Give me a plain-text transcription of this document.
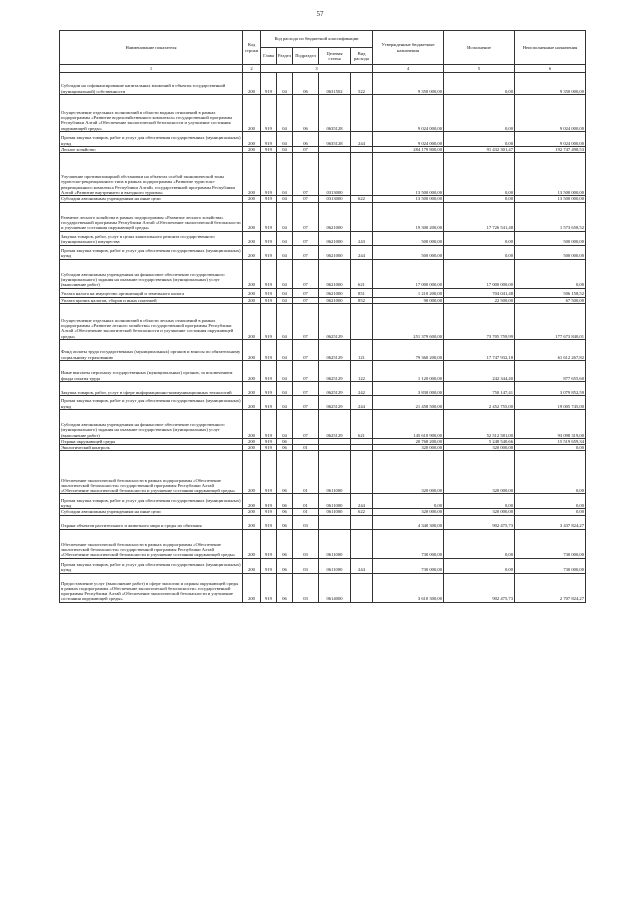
57
Наименование показателя	Код строки	Код расхода по бюджетной классификации					Утвержденные бюджетные назначения	Исполнение	Неисполненные назначения
		Глава	Раздел	Подраздел	Целевая статья	Вид расхода			
1	2	3					4	5	6
Субсидии на софинансирование капитальных вложений в объекты государственной (муниципальной) собственности	200	919	04	06	0631502	522	9 350 000,00	0,00	9 350 000,00
Осуществление отдельных полномочий в области водных отношений в рамках подпрограммы «Развитие водохозяйственного комплекса» государственной программы Республики Алтай «Обеспечение экологической безопасности и улучшение состояния окружающей среды»	200	919	04	06	0635128		9 024 000,00	0,00	9 024 000,00
Прочая закупка товаров, работ и услуг для обеспечения государственных (муниципальных) нужд	200	919	04	06	0635128	244	9 024 000,00	0,00	9 024 000,00
Лесное хозяйство	200	919	04	07			284 179 800,00	91 432 301,47	192 747 498,53
Улучшение противопожарной обстановки на объектах особой экономической зоны туристско-рекреационного типа в рамках подпрограммы «Развитие туристско-рекреационного комплекса Республики Алтай» государственной программы Республики Алтай «Развитие внутреннего и въездного туризма»	200	919	04	07	0313000		13 500 000,00	0,00	13 500 000,00
Субсидии автономным учреждениям на иные цели	200	919	04	07	0313000	622	13 500 000,00	0,00	13 500 000,00
Развитие лесного хозяйства в рамках подпрограммы «Развитие лесного хозяйства» государственной программы Республики Алтай «Обеспечение экологической безопасности и улучшение состояния окружающей среды»	200	919	04	07	0621000		19 300 200,00	17 726 541,48	1 573 658,52
Закупка товаров, работ, услуг в целях капитального ремонта государственного (муниципального) имущества	200	919	04	07	0621000	243	500 000,00	0,00	500 000,00
Прочая закупка товаров, работ и услуг для обеспечения государственных (муниципальных) нужд	200	919	04	07	0621000	244	500 000,00	0,00	500 000,00
Субсидии автономным учреждениям на финансовое обеспечение государственного (муниципального) задания на оказание государственных (муниципальных) услуг (выполнение работ)	200	919	04	07	0621000	621	17 000 000,00	17 000 000,00	0,00
Уплата налога на имущество организаций и земельного налога	200	919	04	07	0621000	851	1 210 200,00	704 041,48	506 158,52
Уплата прочих налогов, сборов и иных платежей	200	919	04	07	0621000	852	90 000,00	22 500,00	67 500,00
Осуществление отдельных полномочий в области лесных отношений в рамках подпрограммы «Развитие лесного хозяйства» государственной программы Республики Алтай «Обеспечение экологической безопасности и улучшение состояния окружающей среды»	200	919	04	07	0625129		251 379 600,00	73 705 759,99	177 673 840,01
Фонд оплаты труда государственных (муниципальных) органов и взносы по обязательному социальному страхованию	200	919	04	07	0625129	121	79 360 200,00	17 747 932,18	61 612 267,82
Иные выплаты персоналу государственных (муниципальных) органов, за исключением фонда оплаты труда	200	919	04	07	0625129	122	1 120 000,00	242 344,40	877 655,60
Закупка товаров, работ, услуг в сфере информационно-коммуникационных технологий	200	919	04	07	0625129	242	3 830 000,00	750 147,41	3 079 852,59
Прочая закупка товаров, работ и услуг для обеспечения государственных (муниципальных) нужд	200	919	04	07	0625129	244	21 458 500,00	2 452 755,00	19 005 745,00
Субсидии автономным учреждениям на финансовое обеспечение государственного (муниципального) задания на оказание государственных (муниципальных) услуг (выполнение работ)	200	919	04	07	0625129	621	145 610 900,00	52 512 581,00	93 098 319,00
Охрана окружающей среды	200	919	06				20 768 200,00	5 248 540,66	15 519 659,34
Экологический контроль	200	919	06	01			320 000,00	320 000,00	0,00
Обеспечение экологической безопасности в рамках подпрограммы «Обеспечение экологической безопасности» государственной программы Республики Алтай «Обеспечение экологической безопасности и улучшение состояния окружающей среды»	200	919	06	01	0611000		320 000,00	320 000,00	0,00
Прочая закупка товаров, работ и услуг для обеспечения государственных (муниципальных) нужд	200	919	06	01	0611000	244	0,00	0,00	0,00
Субсидии автономным учреждениям на иные цели	200	919	06	01	0611000	622	320 000,00	320 000,00	0,00
Охрана объектов растительного и животного мира и среды их обитания	200	919	06	03			4 340 300,00	902 475,73	3 437 824,27
Обеспечение экологической безопасности в рамках подпрограммы «Обеспечение экологической безопасности» государственной программы Республики Алтай «Обеспечение экологической безопасности и улучшение состояния окружающей среды»	200	919	06	03	0611000		730 000,00	0,00	730 000,00
Прочая закупка товаров, работ и услуг для обеспечения государственных (муниципальных) нужд	200	919	06	03	0611000	244	730 000,00	0,00	730 000,00
Предоставление услуг (выполнение работ) в сфере экологии и охраны окружающей среды в рамках подпрограммы «Обеспечение экологической безопасности» государственной программы Республики Алтай «Обеспечение экологической безопасности и улучшение состояния окружающей среды»	200	919	06	03	0614000		3 610 300,00	902 475,73	2 707 824,27
